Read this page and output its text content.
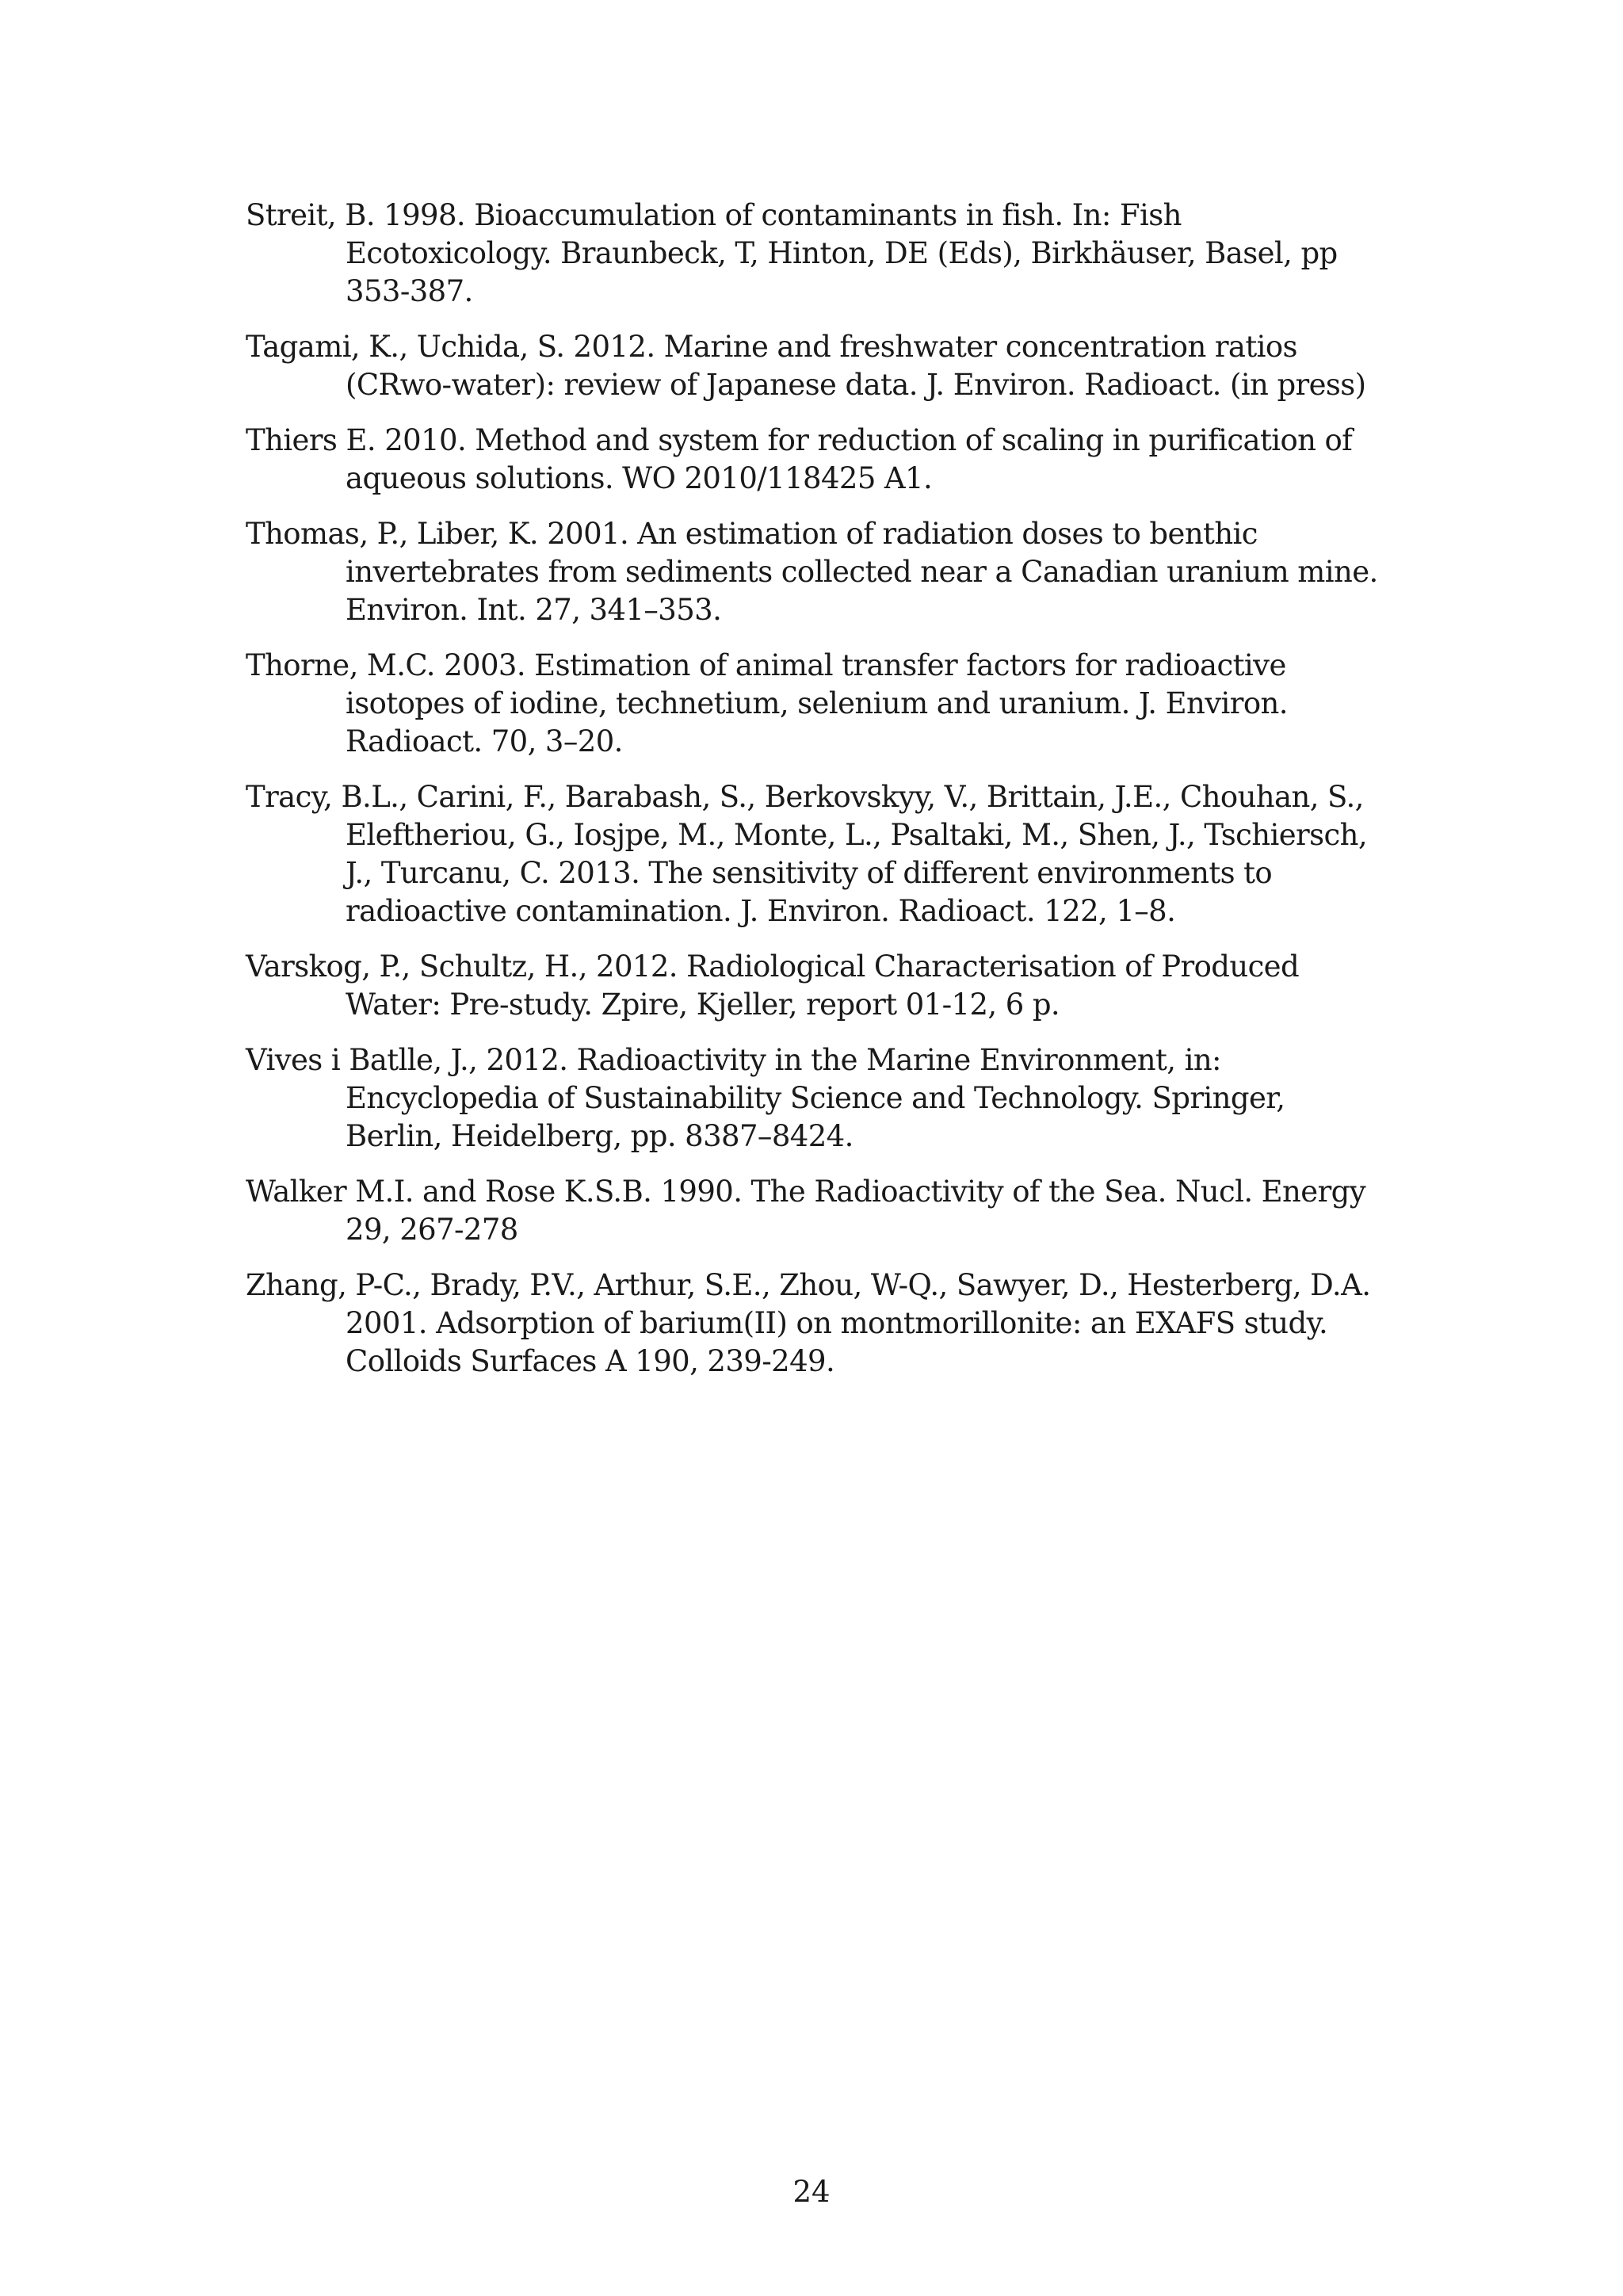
Streit, B. 1998. Bioaccumulation of contaminants in fish. In: Fish Ecotoxicology. Braunbeck, T, Hinton, DE (Eds), Birkhäuser, Basel, pp 353-387.
Tagami, K., Uchida, S. 2012. Marine and freshwater concentration ratios (CRwo-water): review of Japanese data. J. Environ. Radioact. (in press)
Thiers E. 2010. Method and system for reduction of scaling in purification of aqueous solutions. WO 2010/118425 A1.
Thomas, P., Liber, K. 2001. An estimation of radiation doses to benthic invertebrates from sediments collected near a Canadian uranium mine. Environ. Int. 27, 341–353.
Thorne, M.C. 2003. Estimation of animal transfer factors for radioactive isotopes of iodine, technetium, selenium and uranium. J. Environ. Radioact. 70, 3–20.
Tracy, B.L., Carini, F., Barabash, S., Berkovskyy, V., Brittain, J.E., Chouhan, S., Eleftheriou, G., Iosjpe, M., Monte, L., Psaltaki, M., Shen, J., Tschiersch, J., Turcanu, C. 2013. The sensitivity of different environments to radioactive contamination. J. Environ. Radioact. 122, 1–8.
Varskog, P., Schultz, H., 2012. Radiological Characterisation of Produced Water: Pre-study. Zpire, Kjeller, report 01-12, 6 p.
Vives i Batlle, J., 2012. Radioactivity in the Marine Environment, in: Encyclopedia of Sustainability Science and Technology. Springer, Berlin, Heidelberg, pp. 8387–8424.
Walker M.I. and Rose K.S.B. 1990. The Radioactivity of the Sea. Nucl. Energy 29, 267-278
Zhang, P-C., Brady, P.V., Arthur, S.E., Zhou, W-Q., Sawyer, D., Hesterberg, D.A. 2001. Adsorption of barium(II) on montmorillonite: an EXAFS study. Colloids Surfaces A 190, 239-249.
24
